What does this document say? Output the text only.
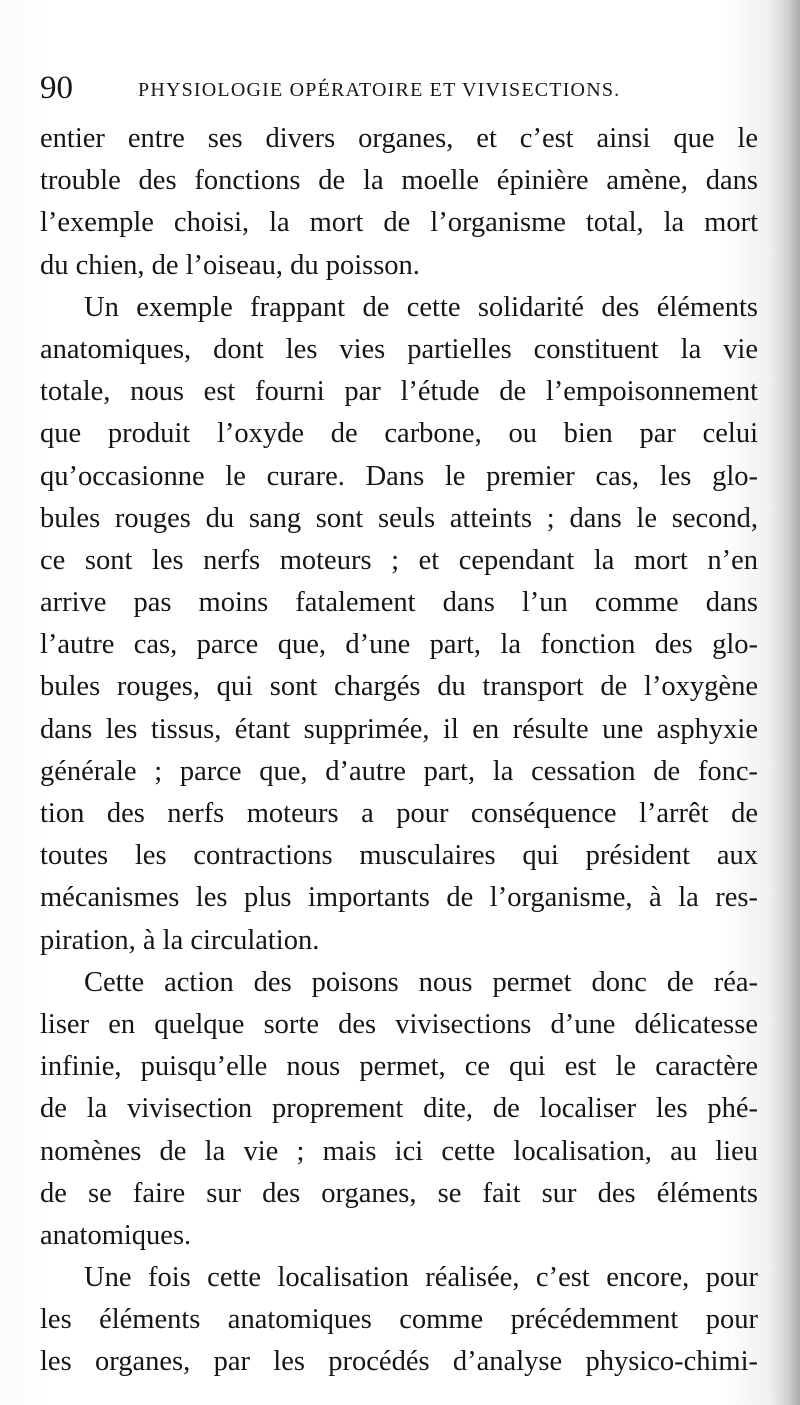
90	PHYSIOLOGIE OPÉRATOIRE ET VIVISECTIONS.
entier entre ses divers organes, et c’est ainsi que le
trouble des fonctions de la moelle épinière amène, dans
l’exemple choisi, la mort de l’organisme total, la mort
du chien, de l’oiseau, du poisson.
Un exemple frappant de cette solidarité des éléments
anatomiques, dont les vies partielles constituent la vie
totale, nous est fourni par l’étude de l’empoisonnement
que produit l’oxyde de carbone, ou bien par celui
qu’occasionne le curare. Dans le premier cas, les glo-
bules rouges du sang sont seuls atteints ; dans le second,
ce sont les nerfs moteurs ; et cependant la mort n’en
arrive pas moins fatalement dans l’un comme dans
l’autre cas, parce que, d’une part, la fonction des glo-
bules rouges, qui sont chargés du transport de l’oxygène
dans les tissus, étant supprimée, il en résulte une asphyxie
générale ; parce que, d’autre part, la cessation de fonc-
tion des nerfs moteurs a pour conséquence l’arrêt de
toutes les contractions musculaires qui président aux
mécanismes les plus importants de l’organisme, à la res-
piration, à la circulation.
Cette action des poisons nous permet donc de réa-
liser en quelque sorte des vivisections d’une délicatesse
infinie, puisqu’elle nous permet, ce qui est le caractère
de la vivisection proprement dite, de localiser les phé-
nomènes de la vie ; mais ici cette localisation, au lieu
de se faire sur des organes, se fait sur des éléments
anatomiques.
Une fois cette localisation réalisée, c’est encore, pour
les éléments anatomiques comme précédemment pour
les organes, par les procédés d’analyse physico-chimi-
